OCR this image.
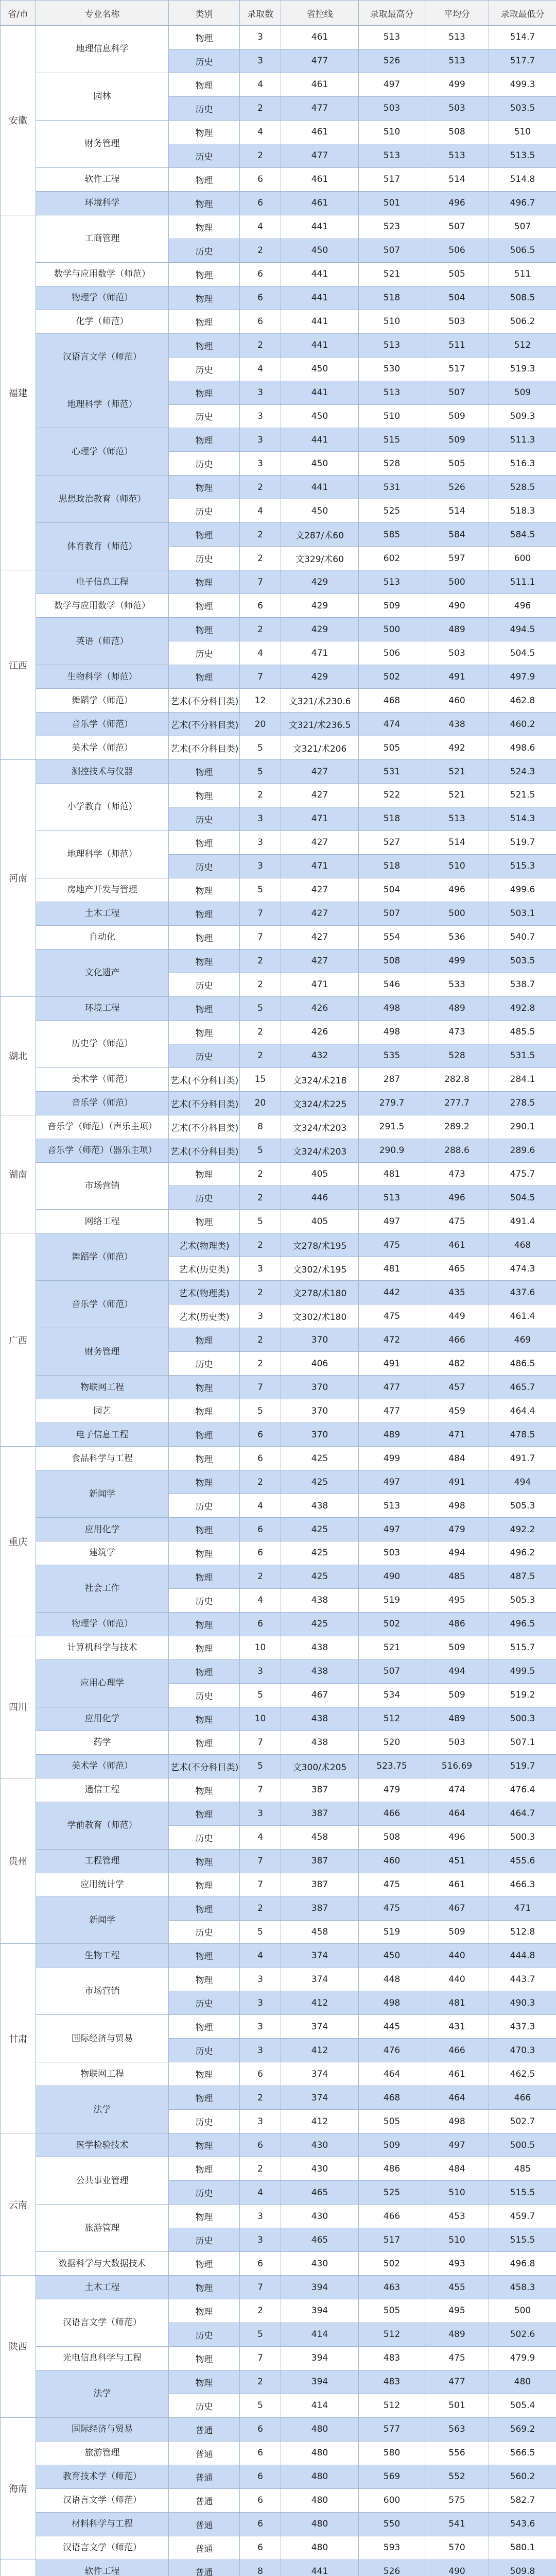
省/市	专业名称	类别	录取数	省控线	录取最高分	平均分	录取最低分
安徽	地理信息科学	物理	3	461	513	513	514.7
		历史	3	477	526	513	517.7
	园林	物理	4	461	497	499	499.3
		历史	2	477	503	503	503.5
	财务管理	物理	4	461	510	508	510
		历史	2	477	513	513	513.5
	软件工程	物理	6	461	517	514	514.8
	环境科学	物理	6	461	501	496	496.7
福建	工商管理	物理	4	441	523	507	507
		历史	2	450	507	506	506.5
	数学与应用数学（师范）	物理	6	441	521	505	511
	物理学（师范）	物理	6	441	518	504	508.5
	化学（师范）	物理	6	441	510	503	506.2
	汉语言文学（师范）	物理	2	441	513	511	512
		历史	4	450	530	517	519.3
	地理科学（师范）	物理	3	441	513	507	509
		历史	3	450	510	509	509.3
	心理学（师范）	物理	3	441	515	509	511.3
		历史	3	450	528	505	516.3
	思想政治教育（师范）	物理	2	441	531	526	528.5
		历史	4	450	525	514	518.3
	体育教育（师范）	物理	2	文287/术60	585	584	584.5
		历史	2	文329/术60	602	597	600
江西	电子信息工程	物理	7	429	513	500	511.1
	数学与应用数学（师范）	物理	6	429	509	490	496
	英语（师范）	物理	2	429	500	489	494.5
		历史	4	471	506	503	504.5
	生物科学（师范）	物理	7	429	502	491	497.9
	舞蹈学（师范）	艺术(不分科目类)	12	文321/术230.6	468	460	462.8
	音乐学（师范）	艺术(不分科目类)	20	文321/术236.5	474	438	460.2
	美术学（师范）	艺术(不分科目类)	5	文321/术206	505	492	498.6
河南	测控技术与仪器	物理	5	427	531	521	524.3
	小学教育（师范）	物理	2	427	522	521	521.5
		历史	3	471	518	513	514.3
	地理科学（师范）	物理	3	427	527	514	519.7
		历史	3	471	518	510	515.3
	房地产开发与管理	物理	5	427	504	496	499.6
	土木工程	物理	7	427	507	500	503.1
	自动化	物理	7	427	554	536	540.7
	文化遗产	物理	2	427	508	499	503.5
		历史	2	471	546	533	538.7
湖北	环境工程	物理	5	426	498	489	492.8
	历史学（师范）	物理	2	426	498	473	485.5
		历史	2	432	535	528	531.5
	美术学（师范）	艺术(不分科目类)	15	文324/术218	287	282.8	284.1
	音乐学（师范）	艺术(不分科目类)	20	文324/术225	279.7	277.7	278.5
湖南	音乐学（师范）（声乐主项）	艺术(不分科目类)	8	文324/术203	291.5	289.2	290.1
	音乐学（师范）（器乐主项）	艺术(不分科目类)	5	文324/术203	290.9	288.6	289.6
	市场营销	物理	2	405	481	473	475.7
		历史	2	446	513	496	504.5
	网络工程	物理	5	405	497	475	491.4
广西	舞蹈学（师范）	艺术(物理类)	2	文278/术195	475	461	468
		艺术(历史类)	3	文302/术195	481	465	474.3
	音乐学（师范）	艺术(物理类)	2	文278/术180	442	435	437.6
		艺术(历史类)	3	文302/术180	475	449	461.4
	财务管理	物理	2	370	472	466	469
		历史	2	406	491	482	486.5
	物联网工程	物理	7	370	477	457	465.7
	园艺	物理	5	370	477	459	464.4
	电子信息工程	物理	6	370	489	471	478.5
重庆	食品科学与工程	物理	6	425	499	484	491.7
	新闻学	物理	2	425	497	491	494
		历史	4	438	513	498	505.3
	应用化学	物理	6	425	497	479	492.2
	建筑学	物理	6	425	503	494	496.2
	社会工作	物理	2	425	490	485	487.5
		历史	4	438	519	495	505.3
	物理学（师范）	物理	6	425	502	486	496.5
四川	计算机科学与技术	物理	10	438	521	509	515.7
	应用心理学	物理	3	438	507	494	499.5
		历史	5	467	534	509	519.2
	应用化学	物理	10	438	512	489	500.3
	药学	物理	7	438	520	503	507.1
	美术学（师范）	艺术(不分科目类)	5	文300/术205	523.75	516.69	519.7
贵州	通信工程	物理	7	387	479	474	476.4
	学前教育（师范）	物理	3	387	466	464	464.7
		历史	4	458	508	496	500.3
	工程管理	物理	7	387	460	451	455.6
	应用统计学	物理	7	387	475	461	466.3
	新闻学	物理	2	387	475	467	471
		历史	5	458	519	509	512.8
甘肃	生物工程	物理	4	374	450	440	444.8
	市场营销	物理	3	374	448	440	443.7
		历史	3	412	498	481	490.3
	国际经济与贸易	物理	3	374	445	431	437.3
		历史	3	412	476	466	470.3
	物联网工程	物理	6	374	464	461	462.5
	法学	物理	2	374	468	464	466
		历史	3	412	505	498	502.7
云南	医学检验技术	物理	6	430	509	497	500.5
	公共事业管理	物理	2	430	486	484	485
		历史	4	465	525	510	515.5
	旅游管理	物理	3	430	466	453	459.7
		历史	3	465	517	510	515.5
	数据科学与大数据技术	物理	6	430	502	493	496.8
陕西	土木工程	物理	7	394	463	455	458.3
	汉语言文学（师范）	物理	2	394	505	495	500
		历史	5	414	512	489	502.6
	光电信息科学与工程	物理	7	394	483	475	479.9
	法学	物理	2	394	483	477	480
		历史	5	414	512	501	505.4
海南	国际经济与贸易	普通	6	480	577	563	569.2
	旅游管理	普通	6	480	580	556	566.5
	教育技术学（师范）	普通	6	480	569	552	560.2
	汉语言文学（师范）	普通	6	480	600	575	582.7
	材料科学与工程	普通	6	480	550	541	543.6
	汉语言文学（师范）	普通	6	480	593	570	580.1
	软件工程	普通	8	441	526	490	509.8
